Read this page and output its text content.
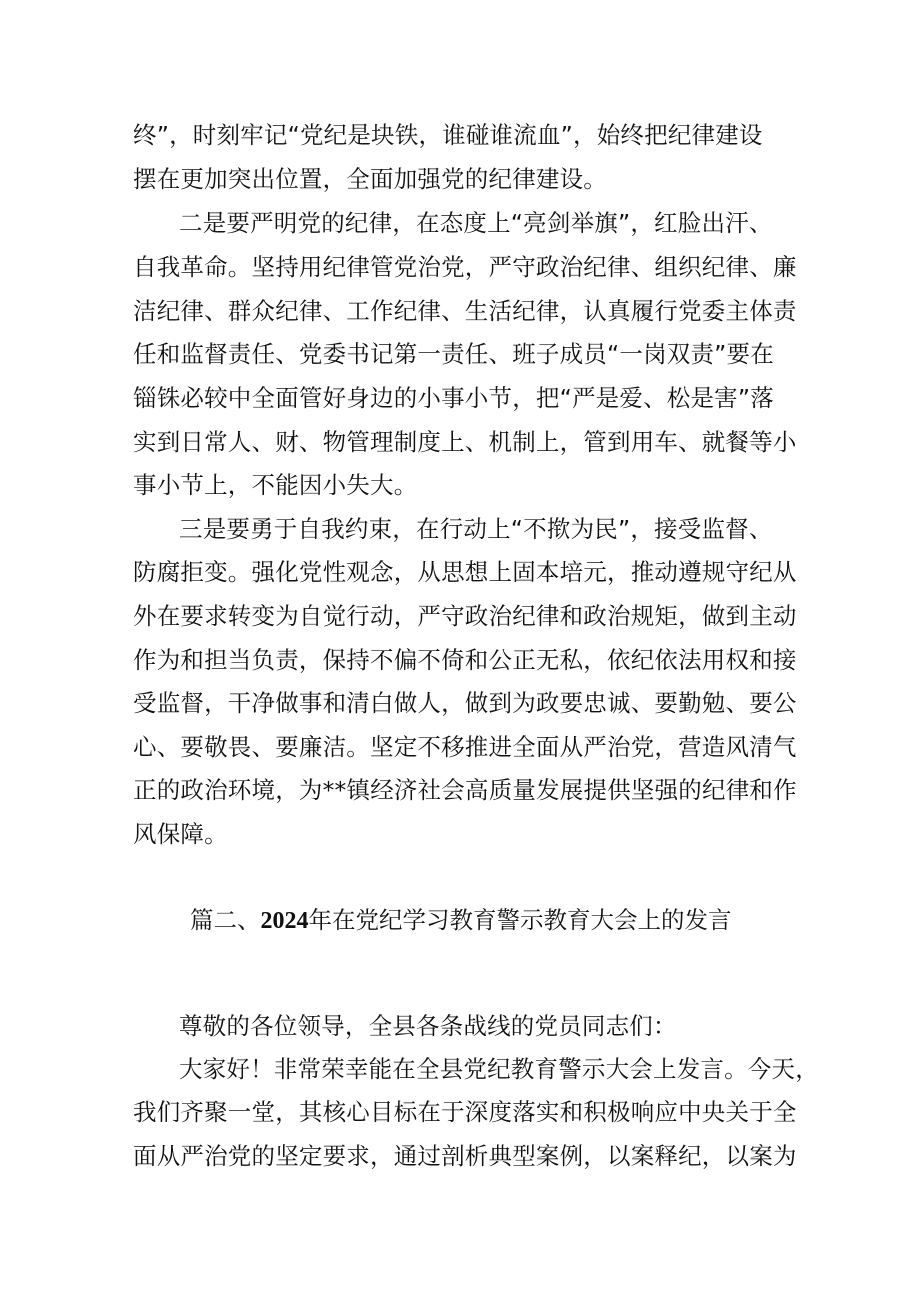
终”，时刻牢记“党纪是块铁，谁碰谁流血”，始终把纪律建设
摆在更加突出位置，全面加强党的纪律建设。
二是要严明党的纪律，在态度上“亮剑举旗”，红脸出汗、
自我革命。坚持用纪律管党治党，严守政治纪律、组织纪律、廉
洁纪律、群众纪律、工作纪律、生活纪律，认真履行党委主体责
任和监督责任、党委书记第一责任、班子成员“一岗双责”要在
锱铢必较中全面管好身边的小事小节，把“严是爱、松是害”落
实到日常人、财、物管理制度上、机制上，管到用车、就餐等小
事小节上，不能因小失大。
三是要勇于自我约束，在行动上“不揿为民”，接受监督、
防腐拒变。强化党性观念，从思想上固本培元，推动遵规守纪从
外在要求转变为自觉行动，严守政治纪律和政治规矩，做到主动
作为和担当负责，保持不偏不倚和公正无私，依纪依法用权和接
受监督，干净做事和清白做人，做到为政要忠诚、要勤勉、要公
心、要敬畏、要廉洁。坚定不移推进全面从严治党，营造风清气
正的政治环境，为**镇经济社会高质量发展提供坚强的纪律和作
风保障。
篇二、2024年在党纪学习教育警示教育大会上的发言
尊敬的各位领导，全县各条战线的党员同志们：
大家好！非常荣幸能在全县党纪教育警示大会上发言。今天，
我们齐聚一堂，其核心目标在于深度落实和积极响应中央关于全
面从严治党的坚定要求，通过剖析典型案例，以案释纪，以案为
